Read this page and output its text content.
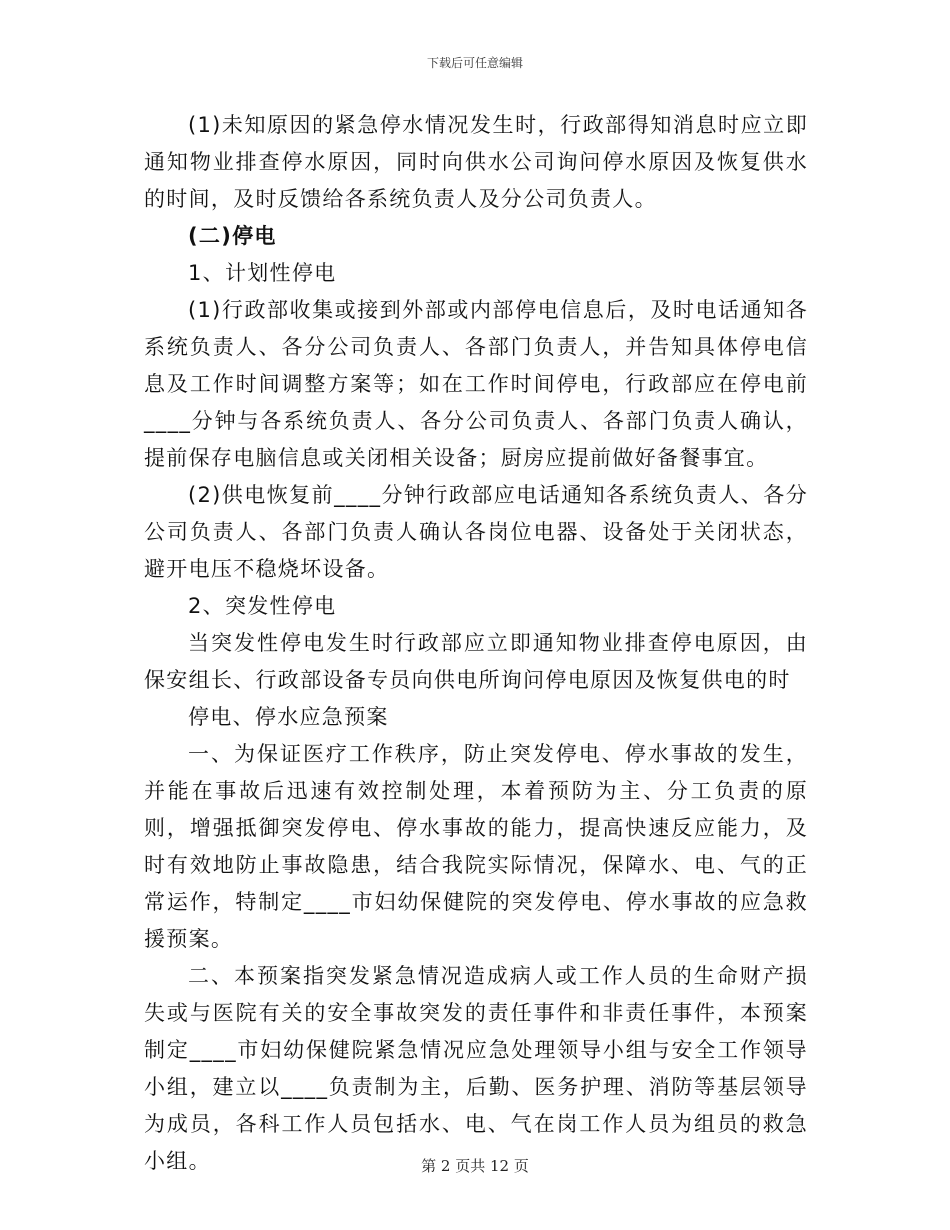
下载后可任意编辑

(1)未知原因的紧急停水情况发生时，行政部得知消息时应立即通知物业排查停水原因，同时向供水公司询问停水原因及恢复供水的时间，及时反馈给各系统负责人及分公司负责人。

(二)停电

1、计划性停电

(1)行政部收集或接到外部或内部停电信息后，及时电话通知各系统负责人、各分公司负责人、各部门负责人，并告知具体停电信息及工作时间调整方案等；如在工作时间停电，行政部应在停电前____分钟与各系统负责人、各分公司负责人、各部门负责人确认，提前保存电脑信息或关闭相关设备；厨房应提前做好备餐事宜。

(2)供电恢复前____分钟行政部应电话通知各系统负责人、各分公司负责人、各部门负责人确认各岗位电器、设备处于关闭状态，避开电压不稳烧坏设备。

2、突发性停电

当突发性停电发生时行政部应立即通知物业排查停电原因，由保安组长、行政部设备专员向供电所询问停电原因及恢复供电的时

停电、停水应急预案

一、为保证医疗工作秩序，防止突发停电、停水事故的发生，并能在事故后迅速有效控制处理，本着预防为主、分工负责的原则，增强抵御突发停电、停水事故的能力，提高快速反应能力，及时有效地防止事故隐患，结合我院实际情况，保障水、电、气的正常运作，特制定____市妇幼保健院的突发停电、停水事故的应急救援预案。

二、本预案指突发紧急情况造成病人或工作人员的生命财产损失或与医院有关的安全事故突发的责任事件和非责任事件，本预案制定____市妇幼保健院紧急情况应急处理领导小组与安全工作领导小组，建立以____负责制为主，后勤、医务护理、消防等基层领导为成员，各科工作人员包括水、电、气在岗工作人员为组员的救急小组。	第 2 页共 12 页
